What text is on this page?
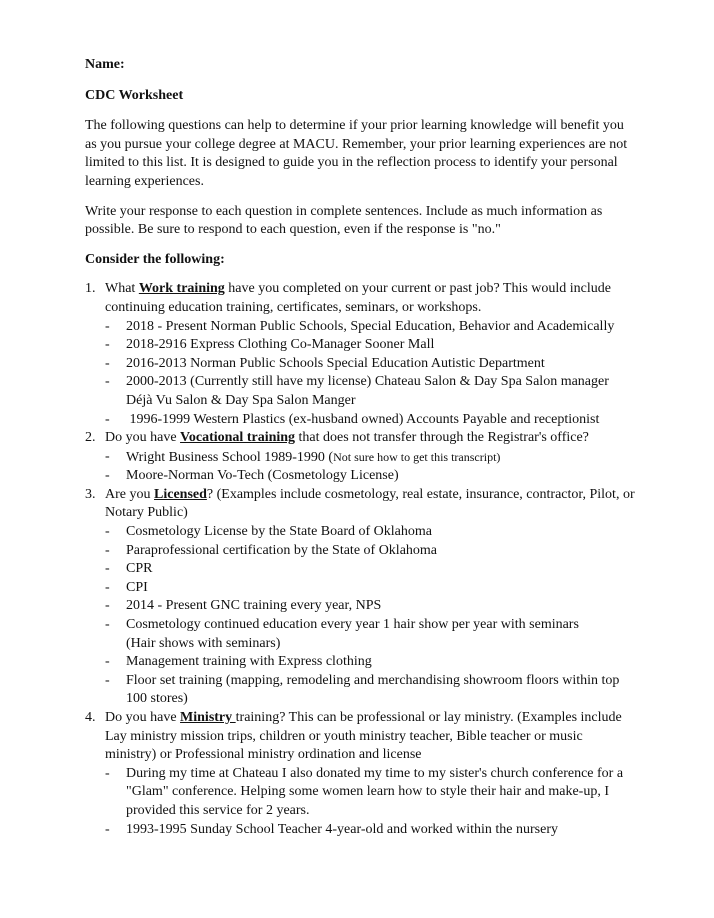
Name:

CDC Worksheet

The following questions can help to determine if your prior learning knowledge will benefit you as you pursue your college degree at MACU. Remember, your prior learning experiences are not limited to this list. It is designed to guide you in the reflection process to identify your personal learning experiences.

Write your response to each question in complete sentences. Include as much information as possible. Be sure to respond to each question, even if the response is "no."

Consider the following:

1. What Work training have you completed on your current or past job? This would include continuing education training, certificates, seminars, or workshops.
- 2018 - Present Norman Public Schools, Special Education, Behavior and Academically
- 2018-2916 Express Clothing Co-Manager Sooner Mall
- 2016-2013 Norman Public Schools Special Education Autistic Department
- 2000-2013 (Currently still have my license) Chateau Salon & Day Spa Salon manager Déjà Vu Salon & Day Spa Salon Manger
- 1996-1999 Western Plastics (ex-husband owned) Accounts Payable and receptionist
2. Do you have Vocational training that does not transfer through the Registrar's office?
- Wright Business School 1989-1990 (Not sure how to get this transcript)
- Moore-Norman Vo-Tech (Cosmetology License)
3. Are you Licensed? (Examples include cosmetology, real estate, insurance, contractor, Pilot, or Notary Public)
- Cosmetology License by the State Board of Oklahoma
- Paraprofessional certification by the State of Oklahoma
- CPR
- CPI
- 2014 - Present GNC training every year, NPS
- Cosmetology continued education every year 1 hair show per year with seminars
(Hair shows with seminars)
- Management training with Express clothing
- Floor set training (mapping, remodeling and merchandising showroom floors within top 100 stores)
4. Do you have Ministry training? This can be professional or lay ministry. (Examples include Lay ministry mission trips, children or youth ministry teacher, Bible teacher or music ministry) or Professional ministry ordination and license
- During my time at Chateau I also donated my time to my sister's church conference for a "Glam" conference. Helping some women learn how to style their hair and make-up, I provided this service for 2 years.
- 1993-1995 Sunday School Teacher 4-year-old and worked within the nursery
